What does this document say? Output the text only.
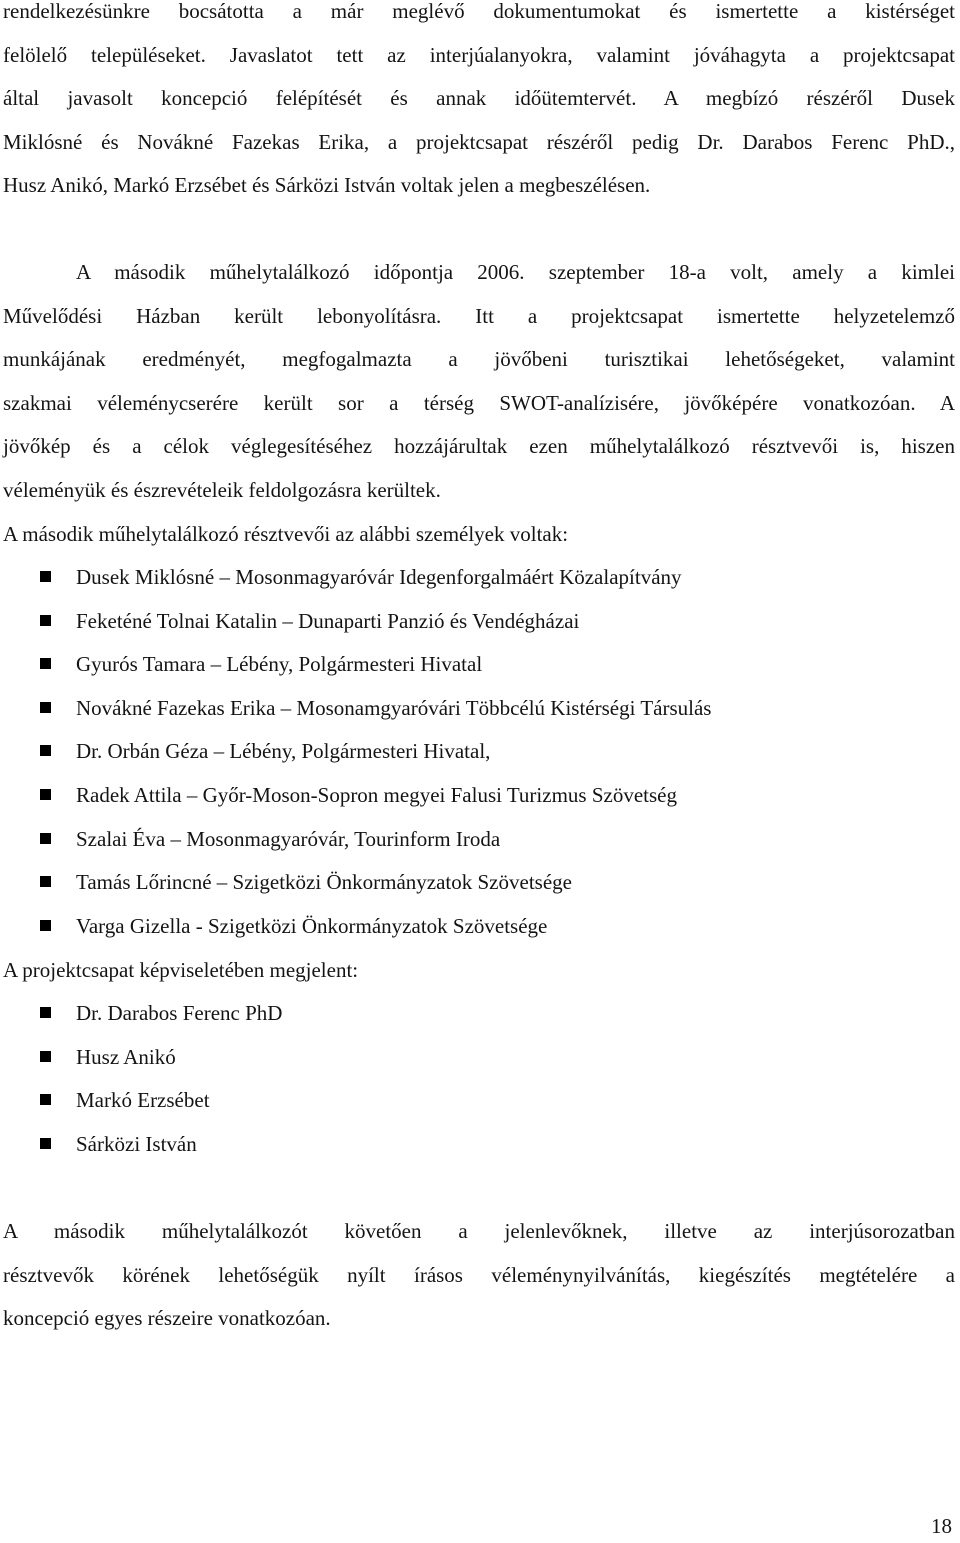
rendelkezésünkre bocsátotta a már meglévő dokumentumokat és ismertette a kistérséget
felölelő településeket. Javaslatot tett az interjúalanyokra, valamint jóváhagyta a projektcsapat
által javasolt koncepció felépítését és annak időütemtervét. A megbízó részéről Dusek
Miklósné és Novákné Fazekas Erika, a projektcsapat részéről pedig Dr. Darabos Ferenc PhD.,
Husz Anikó, Markó Erzsébet és Sárközi István voltak jelen a megbeszélésen.

A második műhelytalálkozó időpontja 2006. szeptember 18-a volt, amely a kimlei
Művelődési Házban került lebonyolításra. Itt a projektcsapat ismertette helyzetelemző
munkájának eredményét, megfogalmazta a jövőbeni turisztikai lehetőségeket, valamint
szakmai véleménycserére került sor a térség SWOT-analízisére, jövőképére vonatkozóan. A
jövőkép és a célok véglegesítéséhez hozzájárultak ezen műhelytalálkozó résztvevői is, hiszen
véleményük és észrevételeik feldolgozásra kerültek.

A második műhelytalálkozó résztvevői az alábbi személyek voltak:

Dusek Miklósné – Mosonmagyaróvár Idegenforgalmáért Közalapítvány
Feketéné Tolnai Katalin – Dunaparti Panzió és Vendégházai
Gyurós Tamara – Lébény, Polgármesteri Hivatal
Novákné Fazekas Erika – Mosonamgyaróvári Többcélú Kistérségi Társulás
Dr. Orbán Géza – Lébény, Polgármesteri Hivatal,
Radek Attila – Győr-Moson-Sopron megyei Falusi Turizmus Szövetség
Szalai Éva – Mosonmagyaróvár, Tourinform Iroda
Tamás Lőrincné – Szigetközi Önkormányzatok Szövetsége
Varga Gizella - Szigetközi Önkormányzatok Szövetsége

A projektcsapat képviseletében megjelent:

Dr. Darabos Ferenc PhD
Husz Anikó
Markó Erzsébet
Sárközi István

A második műhelytalálkozót követően a jelenlevőknek, illetve az interjúsorozatban
résztvevők körének lehetőségük nyílt írásos véleménynyilvánítás, kiegészítés megtételére a
koncepció egyes részeire vonatkozóan.

18
